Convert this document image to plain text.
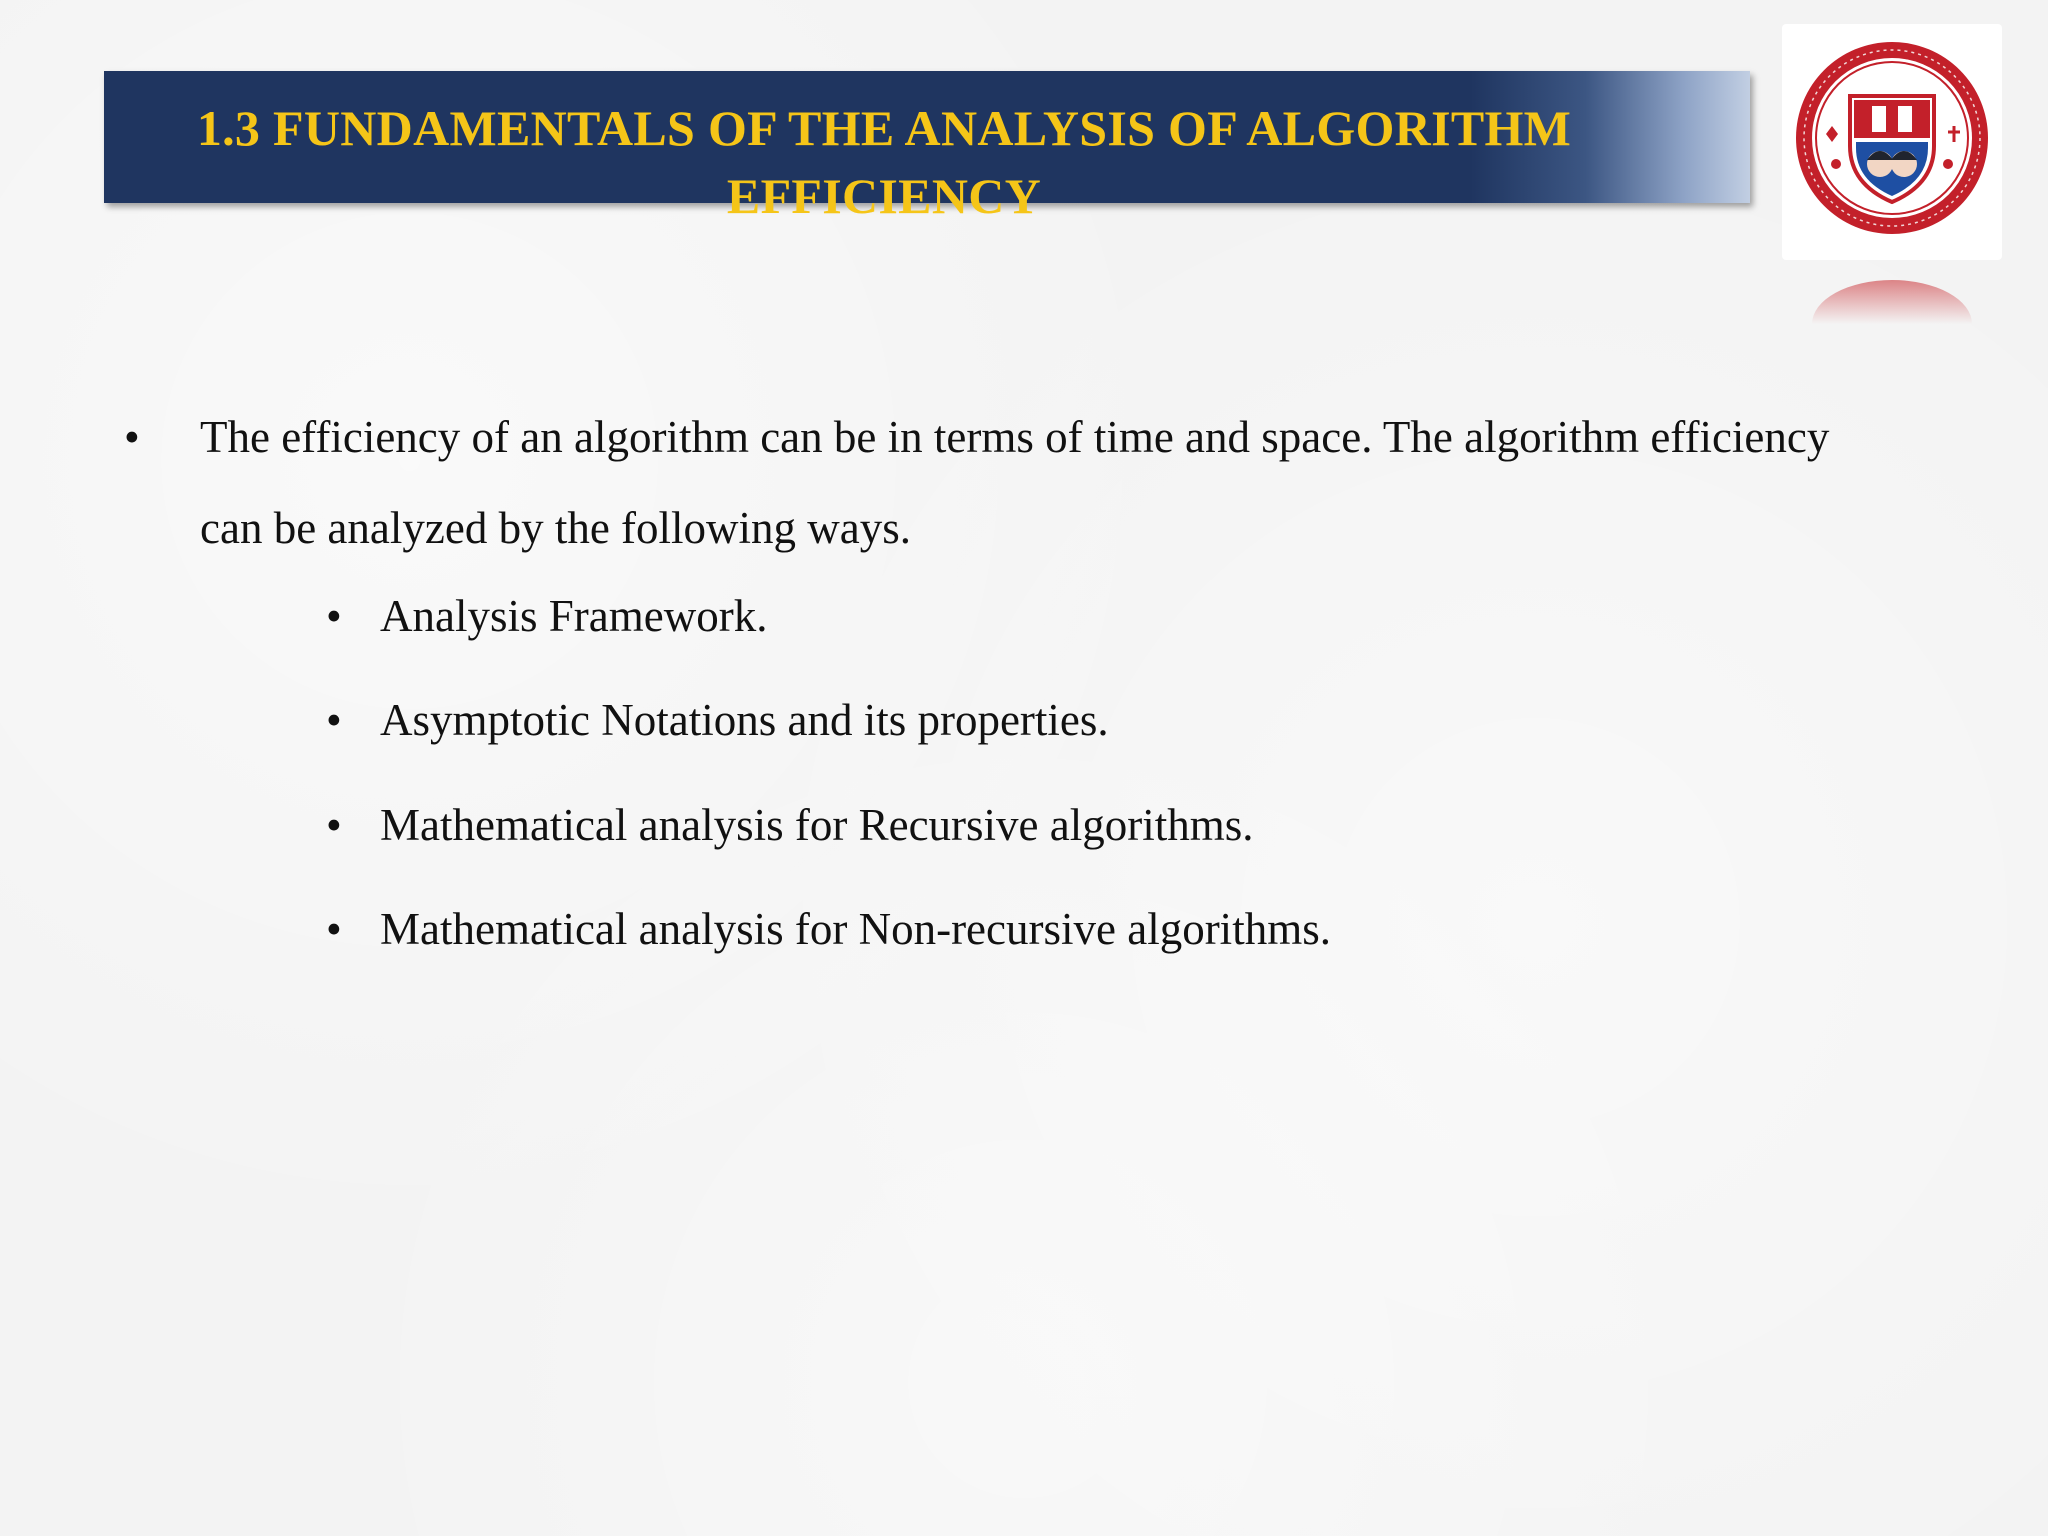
1.3 FUNDAMENTALS OF THE ANALYSIS OF ALGORITHM EFFICIENCY
• The efficiency of an algorithm can be in terms of time and space. The algorithm efficiency can be analyzed by the following ways.
• Analysis Framework.
• Asymptotic Notations and its properties.
• Mathematical analysis for Recursive algorithms.
• Mathematical analysis for Non-recursive algorithms.
